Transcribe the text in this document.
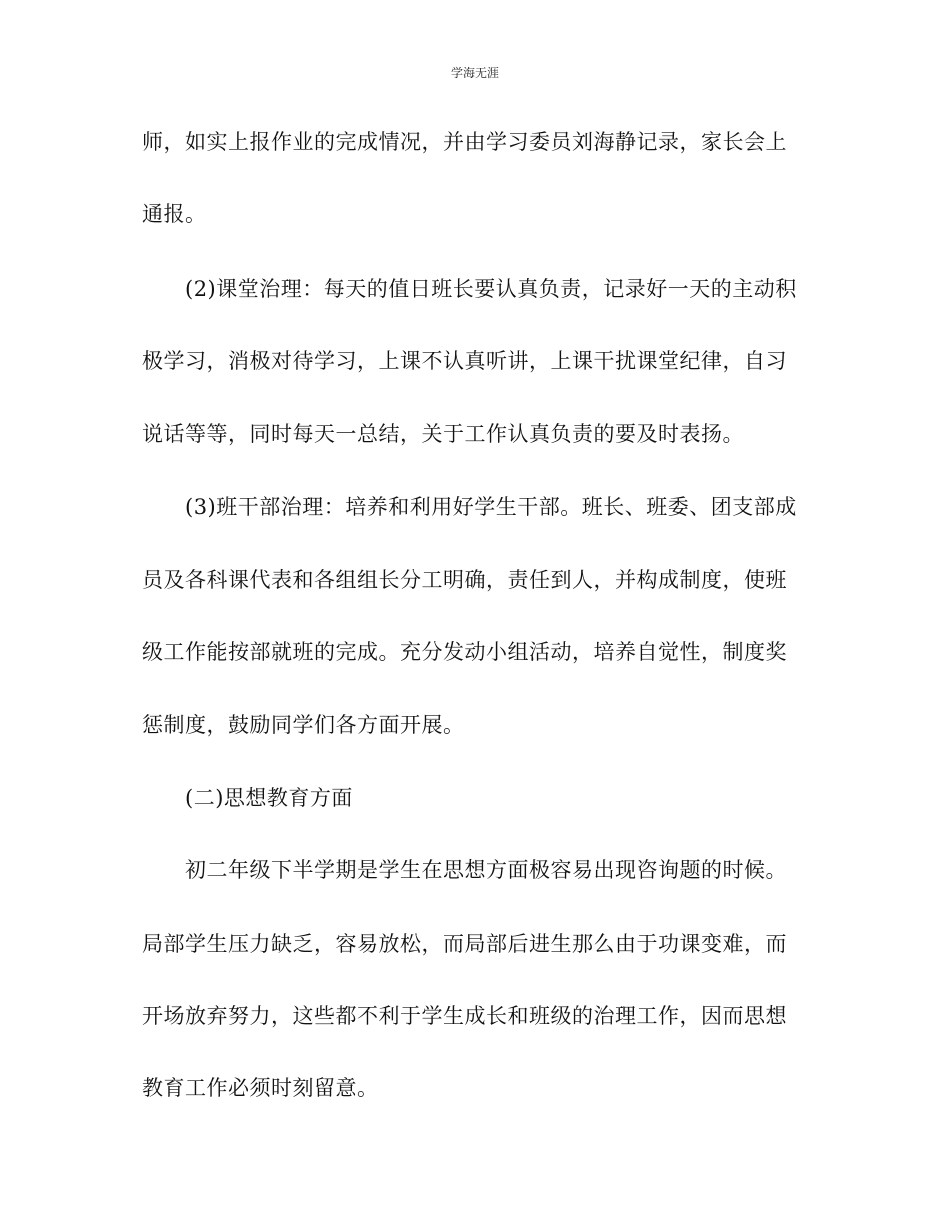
学海无涯
师，如实上报作业的完成情况，并由学习委员刘海静记录，家长会上
通报。
(2)课堂治理：每天的值日班长要认真负责，记录好一天的主动积
极学习，消极对待学习，上课不认真听讲，上课干扰课堂纪律，自习
说话等等，同时每天一总结，关于工作认真负责的要及时表扬。
(3)班干部治理：培养和利用好学生干部。班长、班委、团支部成
员及各科课代表和各组组长分工明确，责任到人，并构成制度，使班
级工作能按部就班的完成。充分发动小组活动，培养自觉性，制度奖
惩制度，鼓励同学们各方面开展。
(二)思想教育方面
初二年级下半学期是学生在思想方面极容易出现咨询题的时候。
局部学生压力缺乏，容易放松，而局部后进生那么由于功课变难，而
开场放弃努力，这些都不利于学生成长和班级的治理工作，因而思想
教育工作必须时刻留意。
